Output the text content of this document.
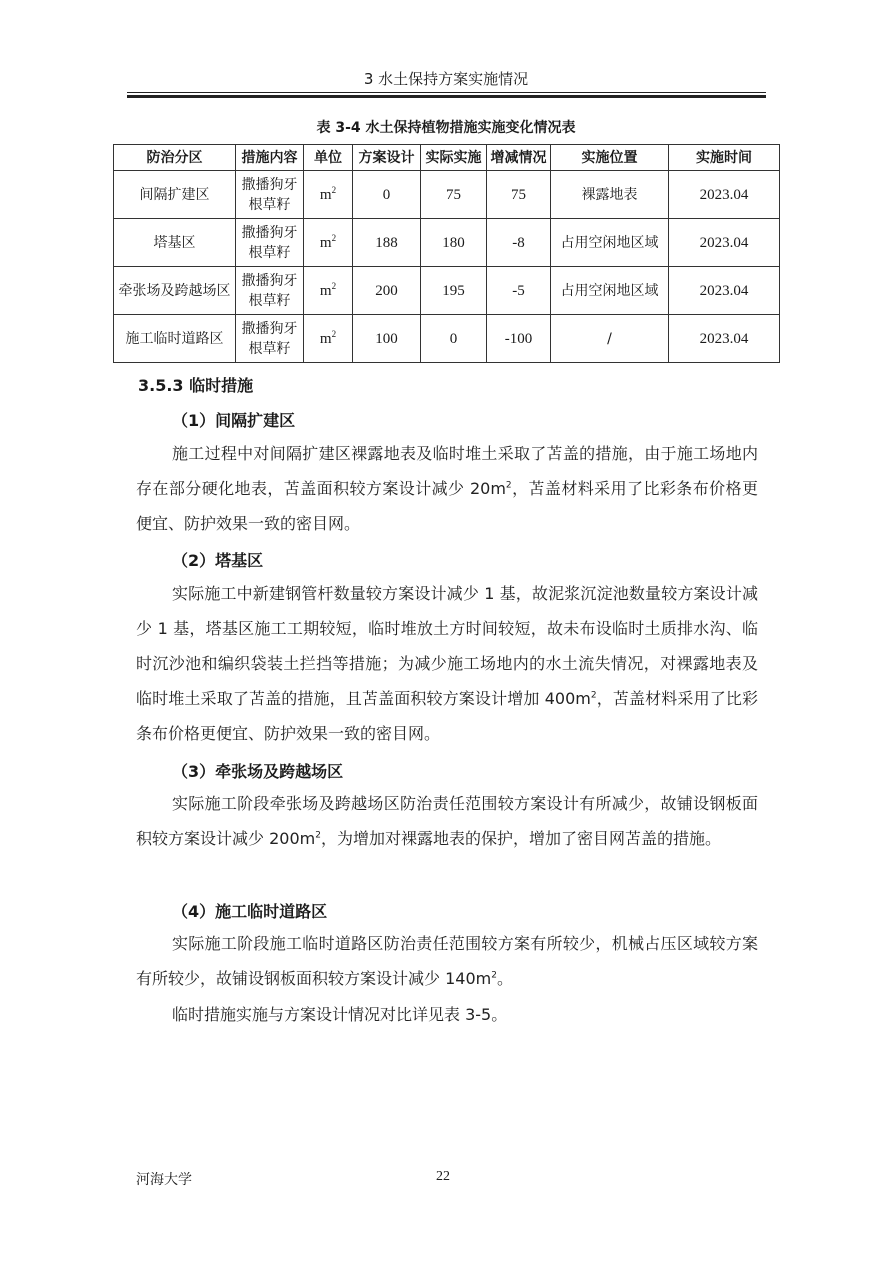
3 水土保持方案实施情况
表 3-4 水土保持植物措施实施变化情况表
防治分区	措施内容	单位	方案设计	实际实施	增减情况	实施位置	实施时间
间隔扩建区	撒播狗牙根草籽	$m^2$	0	75	75	裸露地表	2023.04
塔基区	撒播狗牙根草籽	$m^2$	188	180	-8	占用空闲地区域	2023.04
牵张场及跨越场区	撒播狗牙根草籽	$m^2$	200	195	-5	占用空闲地区域	2023.04
施工临时道路区	撒播狗牙根草籽	$m^2$	100	0	-100	/	2023.04
3.5.3 临时措施
（1）间隔扩建区

施工过程中对间隔扩建区裸露地表及临时堆土采取了苫盖的措施，由于施工场地内存在部分硬化地表，苫盖面积较方案设计减少 $20m^2$，苫盖材料采用了比彩条布价格更便宜、防护效果一致的密目网。

（2）塔基区

实际施工中新建钢管杆数量较方案设计减少 1 基，故泥浆沉淀池数量较方案设计减少 1 基，塔基区施工工期较短，临时堆放土方时间较短，故未布设临时土质排水沟、临时沉沙池和编织袋装土拦挡等措施；为减少施工场地内的水土流失情况，对裸露地表及临时堆土采取了苫盖的措施，且苫盖面积较方案设计增加 $400m^2$，苫盖材料采用了比彩条布价格更便宜、防护效果一致的密目网。

（3）牵张场及跨越场区

实际施工阶段牵张场及跨越场区防治责任范围较方案设计有所减少，故铺设钢板面积较方案设计减少 $200m^2$，为增加对裸露地表的保护，增加了密目网苫盖的措施。

（4）施工临时道路区

实际施工阶段施工临时道路区防治责任范围较方案有所较少，机械占压区域较方案有所较少，故铺设钢板面积较方案设计减少 $140m^2$。

临时措施实施与方案设计情况对比详见表 3-5。

河海大学	22
